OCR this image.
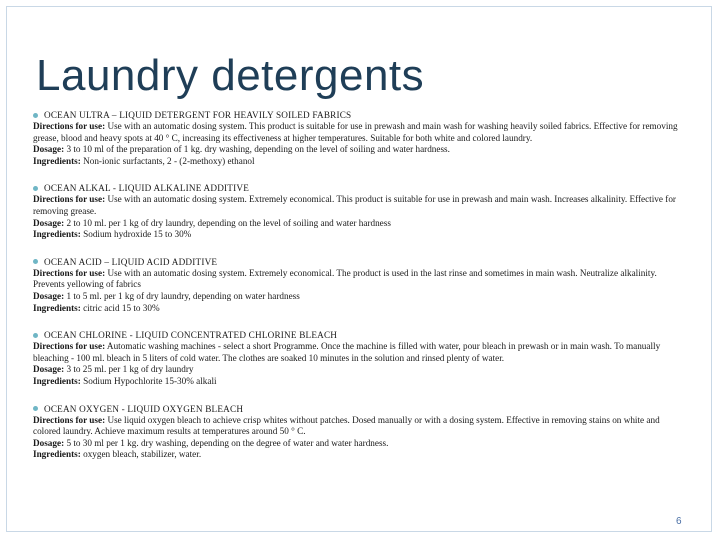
Laundry detergents
OCEAN ULTRA – LIQUID DETERGENT FOR HEAVILY SOILED FABRICS
Directions for use: Use with an automatic dosing system. This product is suitable for use in prewash and main wash for washing heavily soiled fabrics. Effective for removing grease, blood and heavy spots at 40 ° C, increasing its effectiveness at higher temperatures. Suitable for both white and colored laundry.
Dosage: 3 to 10 ml of the preparation of 1 kg. dry washing, depending on the level of soiling and water hardness.
Ingredients: Non-ionic surfactants, 2 - (2-methoxy) ethanol
OCEAN ALKAL - LIQUID ALKALINE ADDITIVE
Directions for use: Use with an automatic dosing system. Extremely economical. This product is suitable for use in prewash and main wash. Increases alkalinity. Effective for removing grease.
Dosage: 2 to 10 ml. per 1 kg of dry laundry, depending on the level of soiling and water hardness
Ingredients: Sodium hydroxide 15 to 30%
OCEAN ACID – LIQUID ACID ADDITIVE
Directions for use: Use with an automatic dosing system. Extremely economical. The product is used in the last rinse and sometimes in main wash. Neutralize alkalinity. Prevents yellowing of fabrics
Dosage: 1 to 5 ml. per 1 kg of dry laundry, depending on water hardness
Ingredients: citric acid 15 to 30%
OCEAN CHLORINE - LIQUID CONCENTRATED CHLORINE BLEACH
Directions for use: Automatic washing machines - select a short Programme. Once the machine is filled with water, pour bleach in prewash or in main wash. To manually bleaching - 100 ml. bleach in 5 liters of cold water. The clothes are soaked 10 minutes in the solution and rinsed plenty of water.
Dosage: 3 to 25 ml. per 1 kg of dry laundry
Ingredients: Sodium Hypochlorite 15-30% alkali
OCEAN OXYGEN - LIQUID OXYGEN BLEACH
Directions for use: Use liquid oxygen bleach to achieve crisp whites without patches. Dosed manually or with a dosing system. Effective in removing stains on white and colored laundry. Achieve maximum results at temperatures around 50 ° C.
Dosage: 5 to 30 ml per 1 kg. dry washing, depending on the degree of water and water hardness.
Ingredients: oxygen bleach, stabilizer, water.
6
